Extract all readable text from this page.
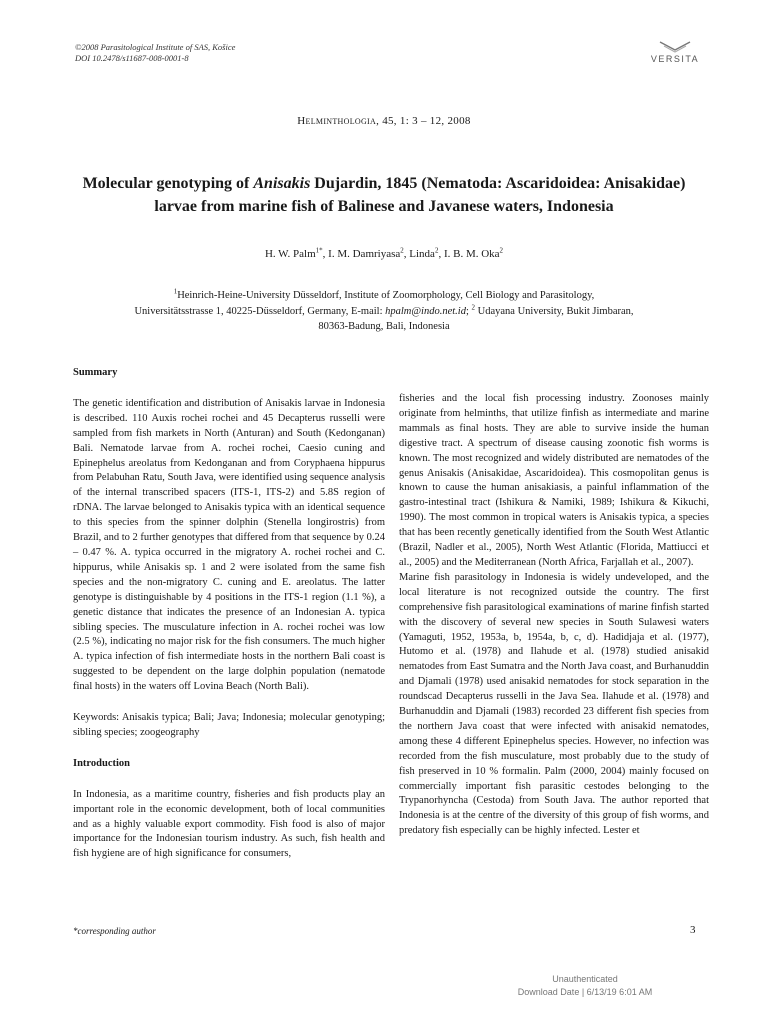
©2008 Parasitological Institute of SAS, Košice
DOI 10.2478/s11687-008-0001-8	VERSITA
Helminthologia, 45, 1: 3 – 12, 2008
Molecular genotyping of Anisakis Dujardin, 1845 (Nematoda: Ascaridoidea: Anisakidae) larvae from marine fish of Balinese and Javanese waters, Indonesia
H. W. Palm$^{1*}$, I. M. Damriyasa$^2$, Linda$^2$, I. B. M. Oka$^2$
$^1$Heinrich-Heine-University Düsseldorf, Institute of Zoomorphology, Cell Biology and Parasitology,
Universitätsstrasse 1, 40225-Düsseldorf, Germany, E-mail: hpalm@indo.net.id; $^2$ Udayana University, Bukit Jimbaran,
80363-Badung, Bali, Indonesia

Summary

The genetic identification and distribution of Anisakis larvae in Indonesia is described. 110 Auxis rochei rochei and 45 Decapterus russelli were sampled from fish markets in North (Anturan) and South (Kedonganan) Bali. Nematode larvae from A. rochei rochei, Caesio cuning and Epinephelus areolatus from Kedonganan and from Coryphaena hippurus from Pelabuhan Ratu, South Java, were identified using sequence analysis of the internal transcribed spacers (ITS-1, ITS-2) and 5.8S region of rDNA. The larvae belonged to Anisakis typica with an identical sequence to this species from the spinner dolphin (Stenella longirostris) from Brazil, and to 2 further genotypes that differed from that sequence by 0.24 – 0.47 %. A. typica occurred in the migratory A. rochei rochei and C. hippurus, while Anisakis sp. 1 and 2 were isolated from the same fish species and the non-migratory C. cuning and E. areolatus. The latter genotype is distinguishable by 4 positions in the ITS-1 region (1.1 %), a genetic distance that indicates the presence of an Indonesian A. typica sibling species. The musculature infection in A. rochei rochei was low (2.5 %), indicating no major risk for the fish consumers. The much higher A. typica infection of fish intermediate hosts in the northern Bali coast is suggested to be dependent on the large dolphin population (nematode final hosts) in the waters off Lovina Beach (North Bali).

Keywords: Anisakis typica; Bali; Java; Indonesia; molecular genotyping; sibling species; zoogeography

Introduction

In Indonesia, as a maritime country, fisheries and fish products play an important role in the economic development, both of local communities and as a highly valuable export commodity. Fish food is also of major importance for the Indonesian tourism industry. As such, fish health and fish hygiene are of high significance for consumers,

fisheries and the local fish processing industry. Zoonoses mainly originate from helminths, that utilize finfish as intermediate and marine mammals as final hosts. They are able to survive inside the human digestive tract. A spectrum of disease causing zoonotic fish worms is known. The most recognized and widely distributed are nematodes of the genus Anisakis (Anisakidae, Ascaridoidea). This cosmopolitan genus is known to cause the human anisakiasis, a painful inflammation of the gastro-intestinal tract (Ishikura & Namiki, 1989; Ishikura & Kikuchi, 1990). The most common in tropical waters is Anisakis typica, a species that has been recently genetically identified from the South West Atlantic (Brazil, Nadler et al., 2005), North West Atlantic (Florida, Mattiucci et al., 2005) and the Mediterranean (North Africa, Farjallah et al., 2007).

Marine fish parasitology in Indonesia is widely undeveloped, and the local literature is not recognized outside the country. The first comprehensive fish parasitological examinations of marine finfish started with the discovery of several new species in South Sulawesi waters (Yamaguti, 1952, 1953a, b, 1954a, b, c, d). Hadidjaja et al. (1977), Hutomo et al. (1978) and Ilahude et al. (1978) studied anisakid nematodes from East Sumatra and the North Java coast, and Burhanuddin and Djamali (1978) used anisakid nematodes for stock separation in the roundscad Decapterus russelli in the Java Sea. Ilahude et al. (1978) and Burhanuddin and Djamali (1983) recorded 23 different fish species from the northern Java coast that were infected with anisakid nematodes, among these 4 different Epinephelus species. However, no infection was recorded from the fish musculature, most probably due to the study of fish preserved in 10 % formalin. Palm (2000, 2004) mainly focused on commercially important fish parasitic cestodes belonging to the Trypanorhyncha (Cestoda) from South Java. The author reported that Indonesia is at the centre of the diversity of this group of fish worms, and predatory fish especially can be highly infected. Lester et

*corresponding author	3
Unauthenticated
Download Date | 6/13/19 6:01 AM
